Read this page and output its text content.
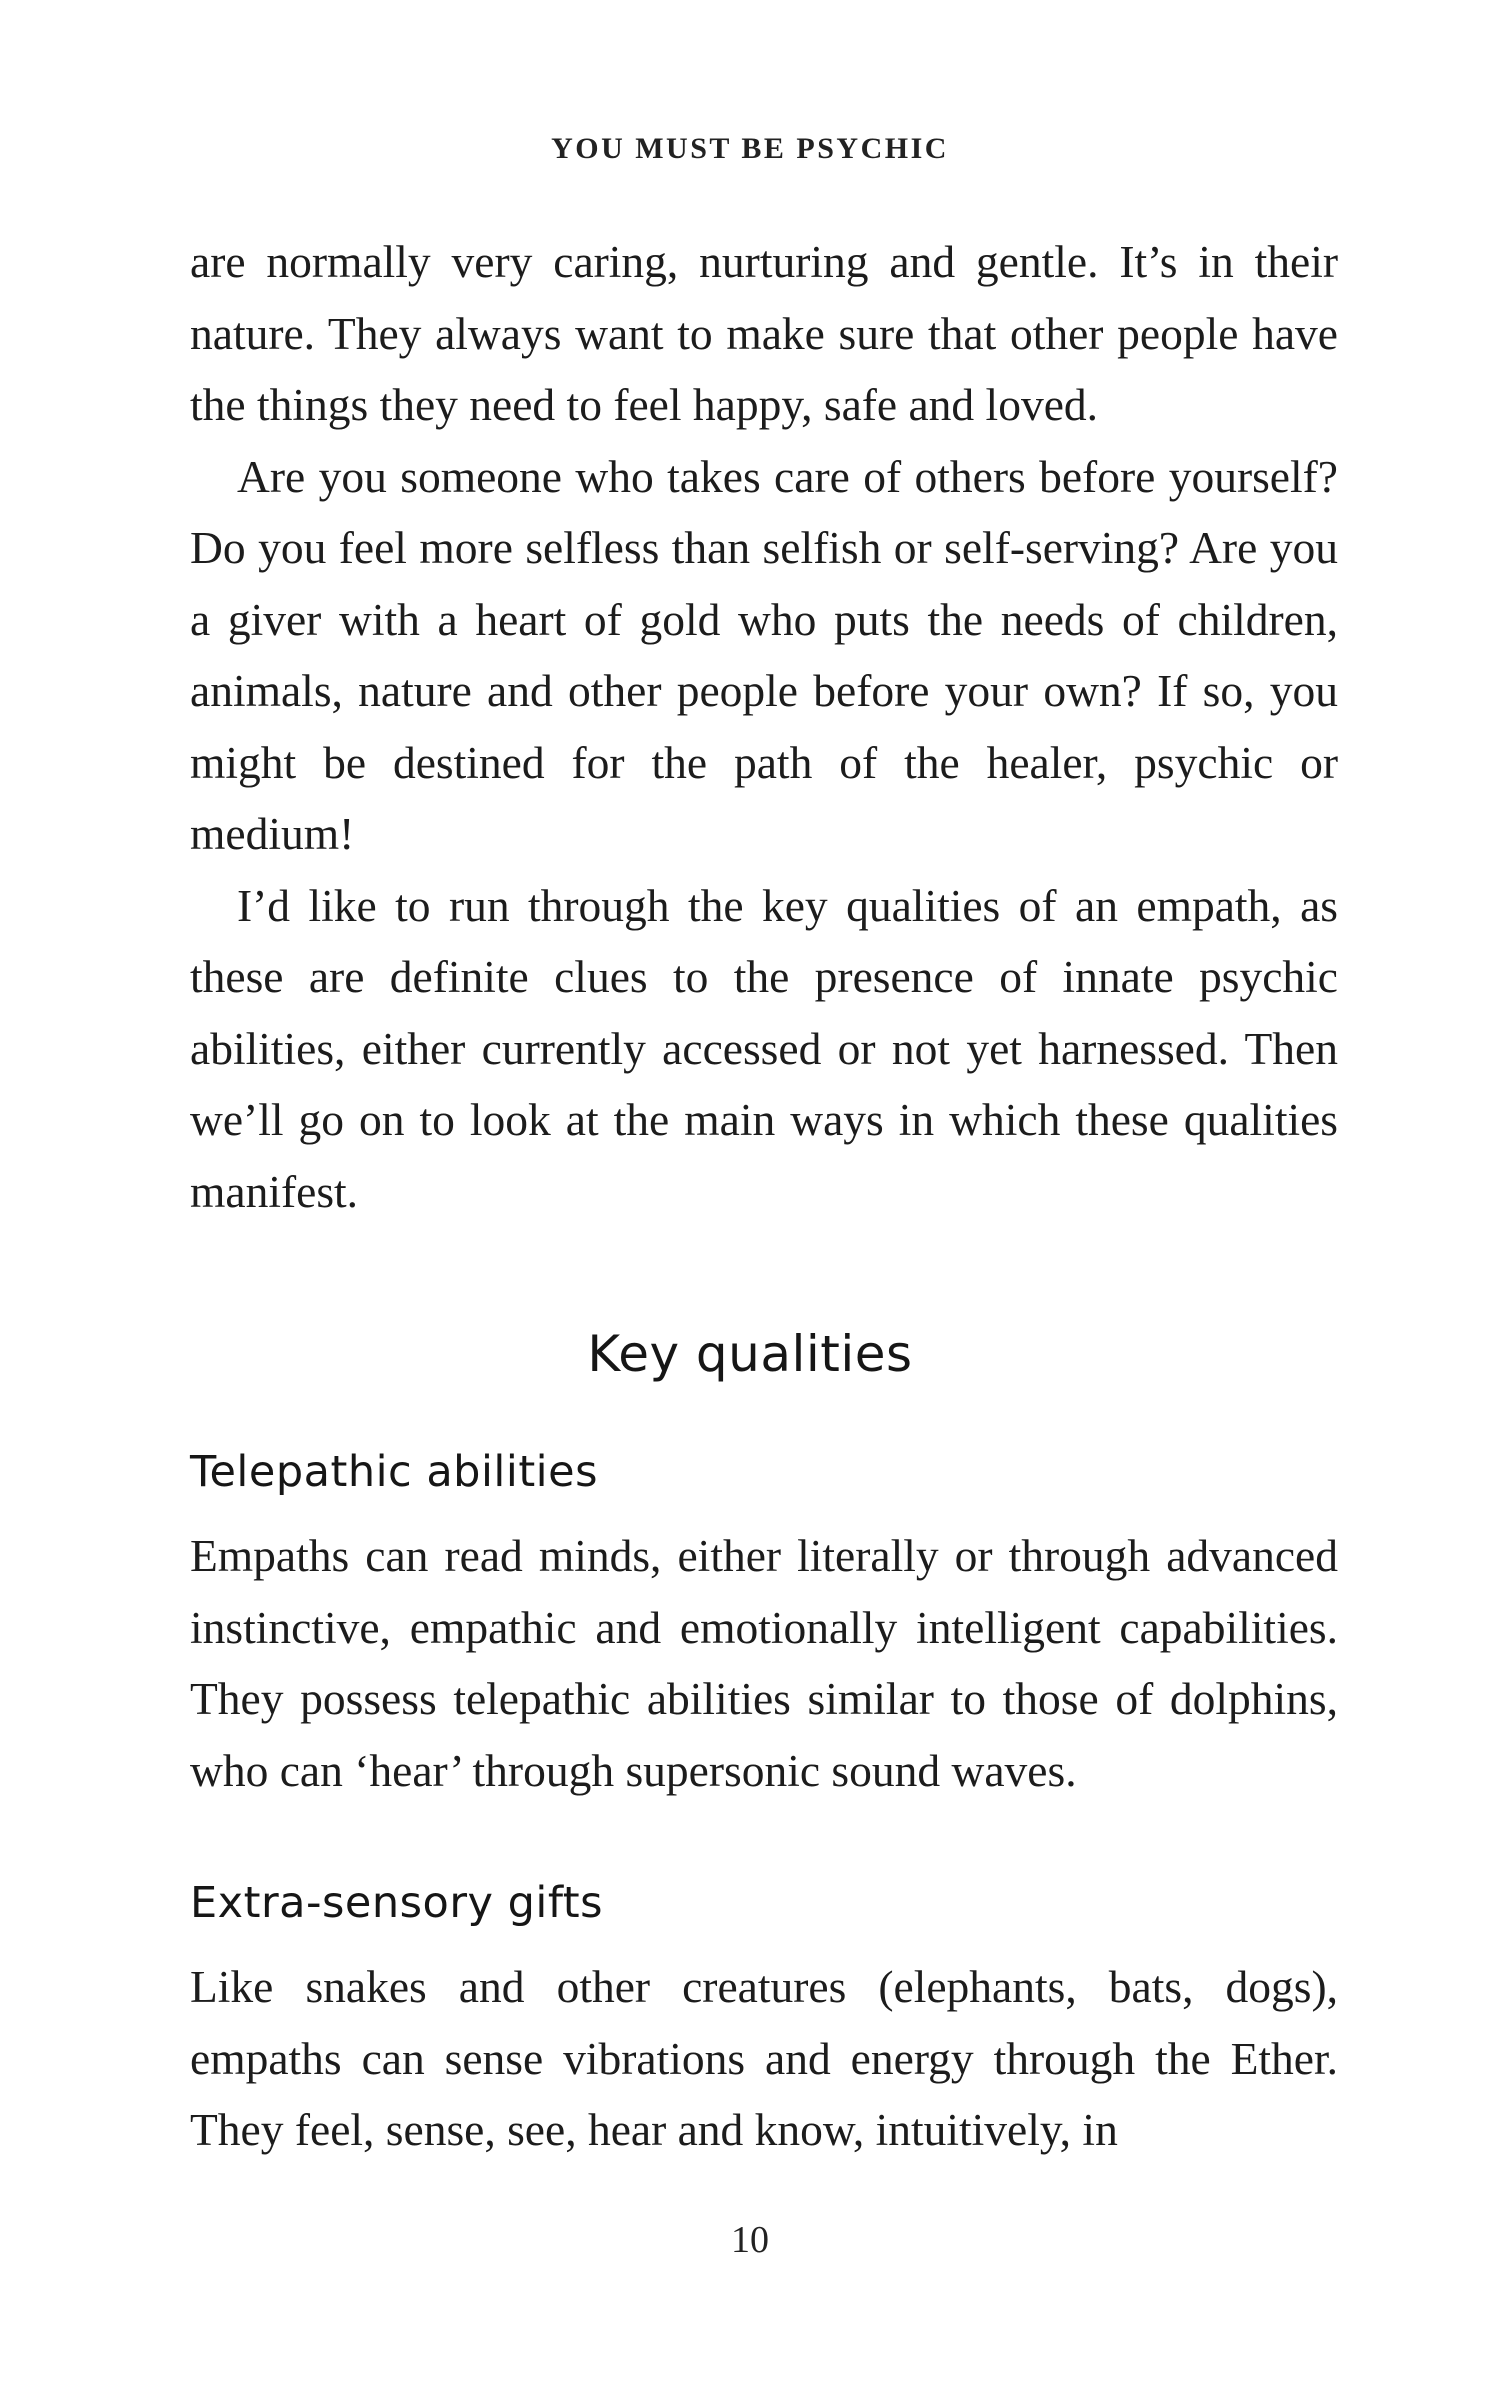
YOU MUST BE PSYCHIC

are normally very caring, nurturing and gentle. It’s in their nature. They always want to make sure that other people have the things they need to feel happy, safe and loved.

Are you someone who takes care of others before yourself? Do you feel more selfless than selfish or self-serving? Are you a giver with a heart of gold who puts the needs of children, animals, nature and other people before your own? If so, you might be destined for the path of the healer, psychic or medium!

I’d like to run through the key qualities of an empath, as these are definite clues to the presence of innate psychic abilities, either currently accessed or not yet harnessed. Then we’ll go on to look at the main ways in which these qualities manifest.

Key qualities
Telepathic abilities

Empaths can read minds, either literally or through advanced instinctive, empathic and emotionally intelligent capabilities. They possess telepathic abilities similar to those of dolphins, who can ‘hear’ through supersonic sound waves.

Extra-sensory gifts

Like snakes and other creatures (elephants, bats, dogs), empaths can sense vibrations and energy through the Ether. They feel, sense, see, hear and know, intuitively, in

10
